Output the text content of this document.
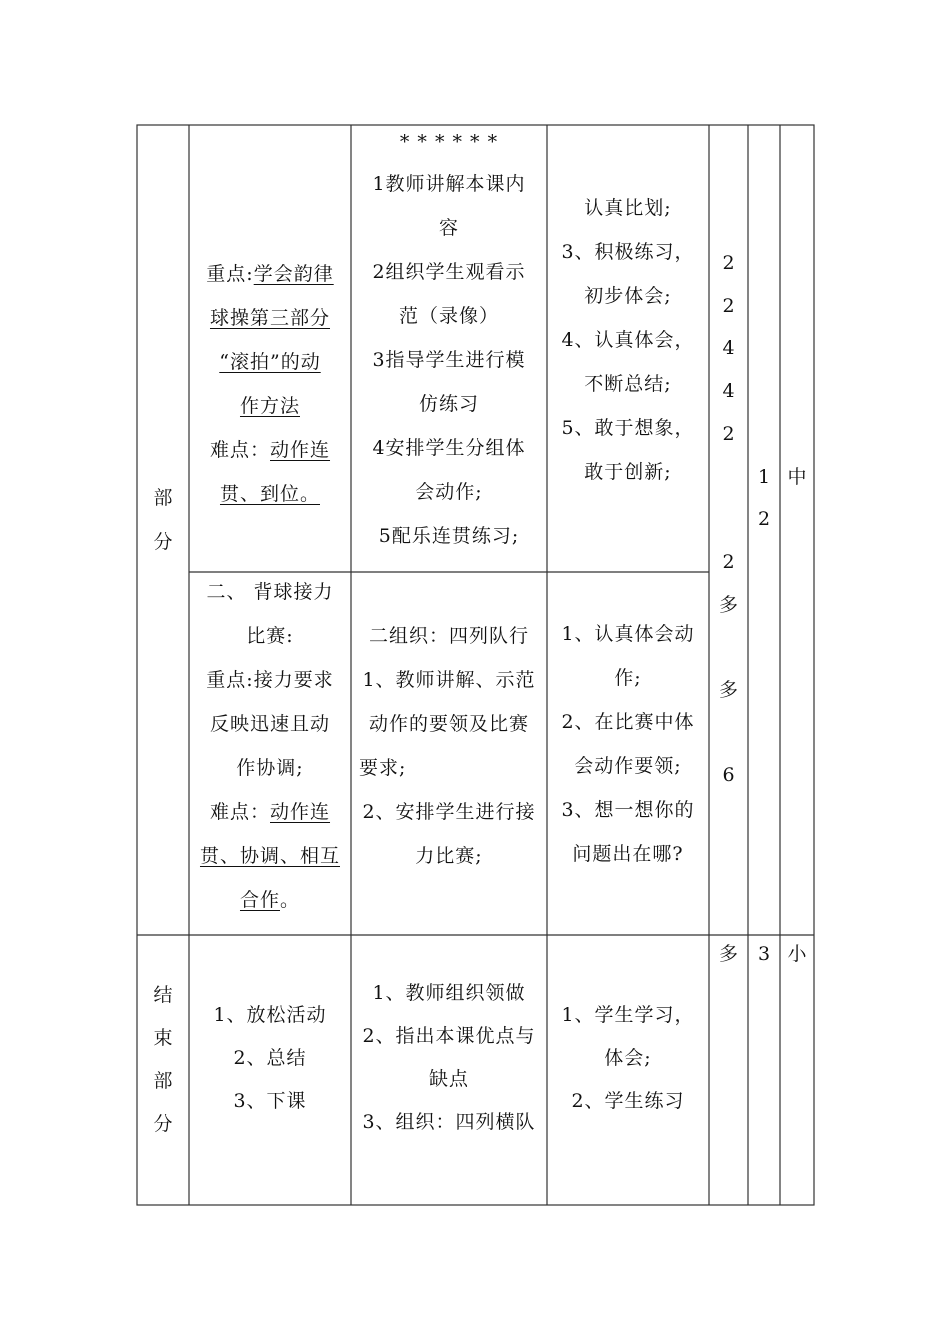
部
分
结
束
部
分
重点:学会韵律
球操第三部分
“滚拍”的动
作方法
难点：动作连
贯、到位。
* * * * * *
1教师讲解本课内
容
2组织学生观看示
范（录像）
3指导学生进行模
仿练习
4安排学生分组体
会动作;
5配乐连贯练习;
认真比划;
3、积极练习，
初步体会;
4、认真体会，
不断总结;
5、敢于想象，
敢于创新;
二、 背球接力
比赛:
重点:接力要求
反映迅速且动
作协调;
难点：动作连
贯、协调、相互
合作。
二组织：四列队行
1、教师讲解、示范
动作的要领及比赛
要求;
2、安排学生进行接
力比赛;
1、认真体会动
作;
2、在比赛中体
会动作要领;
3、想一想你的
问题出在哪?
2
2
4
4
2

2
多

多

6
1
2
中
1、放松活动
2、总结
3、下课
1、教师组织领做
2、指出本课优点与
缺点
3、组织：四列横队
1、学生学习，
体会;
2、学生练习
多	3 小
